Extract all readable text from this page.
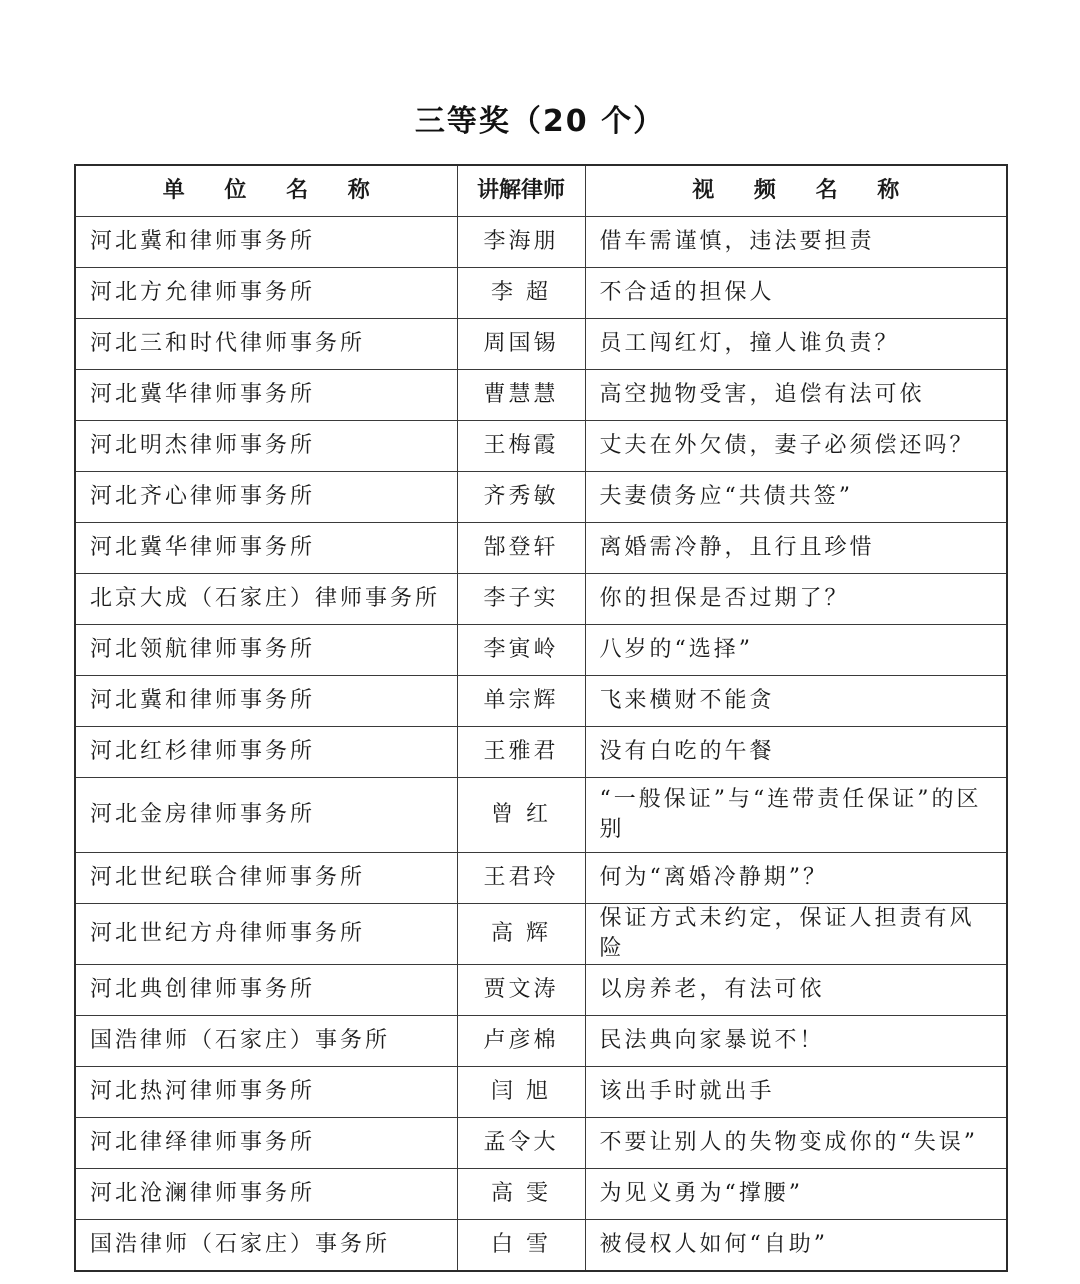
三等奖（20 个）
单 位 名 称	讲解律师	视 频 名 称
河北冀和律师事务所	李海朋	借车需谨慎，违法要担责
河北方允律师事务所	李 超	不合适的担保人
河北三和时代律师事务所	周国锡	员工闯红灯，撞人谁负责？
河北冀华律师事务所	曹慧慧	高空抛物受害，追偿有法可依
河北明杰律师事务所	王梅霞	丈夫在外欠债，妻子必须偿还吗？
河北齐心律师事务所	齐秀敏	夫妻债务应“共债共签”
河北冀华律师事务所	郜登轩	离婚需冷静，且行且珍惜
北京大成（石家庄）律师事务所	李子实	你的担保是否过期了？
河北领航律师事务所	李寅岭	八岁的“选择”
河北冀和律师事务所	单宗辉	飞来横财不能贪
河北红杉律师事务所	王雅君	没有白吃的午餐
河北金房律师事务所	曾 红	“一般保证”与“连带责任保证”的区别
河北世纪联合律师事务所	王君玲	何为“离婚冷静期”？
河北世纪方舟律师事务所	高 辉	保证方式未约定，保证人担责有风险
河北典创律师事务所	贾文涛	以房养老，有法可依
国浩律师（石家庄）事务所	卢彦棉	民法典向家暴说不！
河北热河律师事务所	闫 旭	该出手时就出手
河北律绎律师事务所	孟令大	不要让别人的失物变成你的“失误”
河北沧澜律师事务所	高 雯	为见义勇为“撑腰”
国浩律师（石家庄）事务所	白 雪	被侵权人如何“自助”
